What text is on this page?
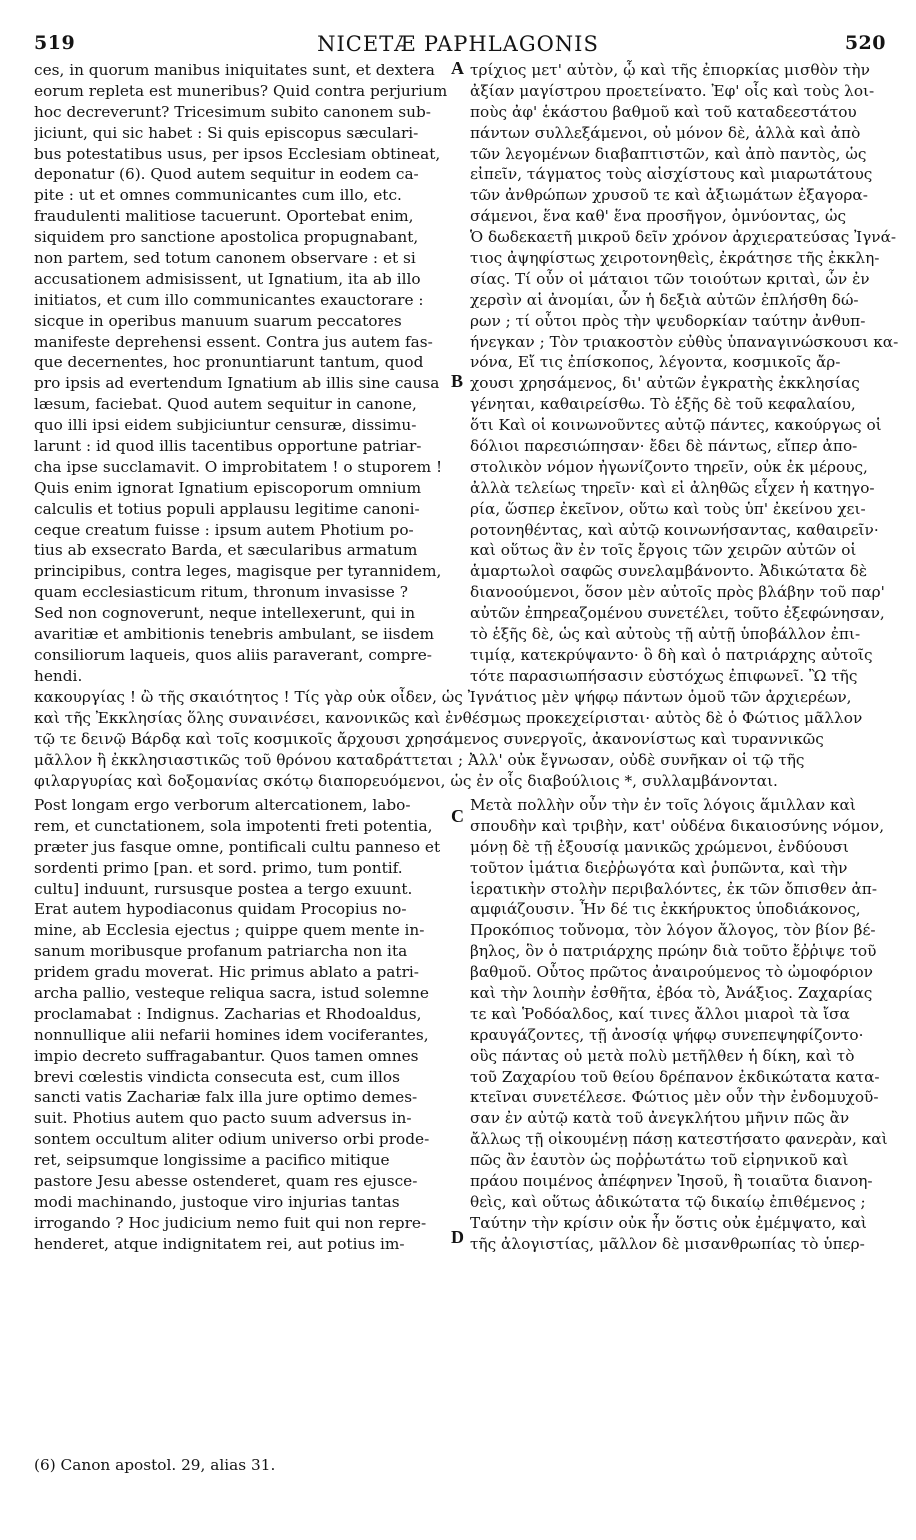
NICETÆ PAPHLAGONIS
519	520
ces, in quorum manibus iniquitates sunt, et dextera
eorum repleta est muneribus? Quid contra perjurium
hoc decreverunt? Tricesimum subito canonem sub-
jiciunt, qui sic habet : Si quis episcopus sæculari-
bus potestatibus usus, per ipsos Ecclesiam obtineat,
deponatur (6). Quod autem sequitur in eodem ca-
pite : ut et omnes communicantes cum illo, etc.
fraudulenti malitiose tacuerunt. Oportebat enim,
siquidem pro sanctione apostolica propugnabant,
non partem, sed totum canonem observare : et si
accusationem admisissent, ut Ignatium, ita ab illo
initiatos, et cum illo communicantes exauctorare :
sicque in operibus manuum suarum peccatores
manifeste deprehensi essent. Contra jus autem fas-
que decernentes, hoc pronuntiarunt tantum, quod
pro ipsis ad evertendum Ignatium ab illis sine causa
læsum, faciebat. Quod autem sequitur in canone,
quo illi ipsi eidem subjiciuntur censuræ, dissimu-
larunt : id quod illis tacentibus opportune patriar-
cha ipse succlamavit. O improbitatem ! o stuporem !
Quis enim ignorat Ignatium episcoporum omnium
calculis et totius populi applausu legitime canoni-
ceque creatum fuisse : ipsum autem Photium po-
tius ab exsecrato Barda, et sæcularibus armatum
principibus, contra leges, magisque per tyrannidem,
quam ecclesiasticum ritum, thronum invasisse ?
Sed non cognoverunt, neque intellexerunt, qui in
avaritiæ et ambitionis tenebris ambulant, se iisdem
consiliorum laqueis, quos aliis paraverant, compre-
hendi.
τρίχιος μετ' αὐτὸν, ᾧ καὶ τῆς ἐπιορκίας μισθὸν τὴν
ἀξίαν μαγίστρου προετείνατο. Ἐφ' οἷς καὶ τοὺς λοι-
ποὺς ἀφ' ἑκάστου βαθμοῦ καὶ τοῦ καταδεεστάτου
πάντων συλλεξάμενοι, οὐ μόνον δὲ, ἀλλὰ καὶ ἀπὸ
τῶν λεγομένων διαβαπτιστῶν, καὶ ἀπὸ παντὸς, ὡς
εἰπεῖν, τάγματος τοὺς αἰσχίστους καὶ μιαρωτάτους
τῶν ἀνθρώπων χρυσοῦ τε καὶ ἀξιωμάτων ἐξαγορα-
σάμενοι, ἕνα καθ' ἕνα προσῆγον, ὀμνύοντας, ὡς
Ὁ δωδεκαετῆ μικροῦ δεῖν χρόνον ἀρχιερατεύσας Ἰγνά-
τιος ἀψηφίστως χειροτονηθεὶς, ἐκράτησε τῆς ἐκκλη-
σίας. Τί οὖν οἱ μάταιοι τῶν τοιούτων κριταὶ, ὧν ἐν
χερσὶν αἱ ἀνομίαι, ὧν ἡ δεξιὰ αὐτῶν ἐπλήσθη δώ-
ρων ; τί οὗτοι πρὸς τὴν ψευδορκίαν ταύτην ἀνθυπ-
ήνεγκαν ; Τὸν τριακοστὸν εὐθὺς ὑπαναγινώσκουσι κα-
νόνα, Εἴ τις ἐπίσκοπος, λέγοντα, κοσμικοῖς ἄρ-
χουσι χρησάμενος, δι' αὐτῶν ἐγκρατὴς ἐκκλησίας
γένηται, καθαιρείσθω. Τὸ ἑξῆς δὲ τοῦ κεφαλαίου,
ὅτι Καὶ οἱ κοινωνοῦντες αὐτῷ πάντες, κακούργως οἱ
δόλιοι παρεσιώπησαν· ἔδει δὲ πάντως, εἴπερ ἀπο-
στολικὸν νόμον ἠγωνίζοντο τηρεῖν, οὐκ ἐκ μέρους,
ἀλλὰ τελείως τηρεῖν· καὶ εἰ ἀληθῶς εἶχεν ἡ κατηγο-
ρία, ὥσπερ ἐκεῖνον, οὕτω καὶ τοὺς ὑπ' ἐκείνου χει-
ροτονηθέντας, καὶ αὐτῷ κοινωνήσαντας, καθαιρεῖν·
καὶ οὕτως ἂν ἐν τοῖς ἔργοις τῶν χειρῶν αὐτῶν οἱ
ἁμαρτωλοὶ σαφῶς συνελαμβάνοντο. Ἀδικώτατα δὲ
διανοούμενοι, ὅσον μὲν αὐτοῖς πρὸς βλάβην τοῦ παρ'
αὐτῶν ἐπηρεαζομένου συνετέλει, τοῦτο ἐξεφώνησαν,
τὸ ἑξῆς δὲ, ὡς καὶ αὐτοὺς τῇ αὐτῇ ὑποβάλλον ἐπι-
τιμίᾳ, κατεκρύψαντο· ὃ δὴ καὶ ὁ πατριάρχης αὐτοῖς
τότε παρασιωπήσασιν εὐστόχως ἐπιφωνεῖ. Ὢ τῆς
A
B
C
D
κακουργίας ! ὢ τῆς σκαιότητος ! Τίς γὰρ οὐκ οἶδεν, ὡς Ἰγνάτιος μὲν ψήφῳ πάντων ὁμοῦ τῶν ἀρχιερέων,
καὶ τῆς Ἐκκλησίας ὅλης συναινέσει, κανονικῶς καὶ ἐνθέσμως προκεχείρισται· αὐτὸς δὲ ὁ Φώτιος μᾶλλον
τῷ τε δεινῷ Βάρδᾳ καὶ τοῖς κοσμικοῖς ἄρχουσι χρησάμενος συνεργοῖς, ἀκανονίστως καὶ τυραννικῶς
μᾶλλον ἢ ἐκκλησιαστικῶς τοῦ θρόνου καταδράττεται ; Ἀλλ' οὐκ ἔγνωσαν, οὐδὲ συνῆκαν οἱ τῷ τῆς
φιλαργυρίας καὶ δοξομανίας σκότῳ διαπορευόμενοι, ὡς ἐν οἷς διαβούλιοις *, συλλαμβάνονται.
Post longam ergo verborum altercationem, labo-
rem, et cunctationem, sola impotenti freti potentia,
præter jus fasque omne, pontificali cultu panneso et
sordenti primo [pan. et sord. primo, tum pontif.
cultu] induunt, rursusque postea a tergo exuunt.
Erat autem hypodiaconus quidam Procopius no-
mine, ab Ecclesia ejectus ; quippe quem mente in-
sanum moribusque profanum patriarcha non ita
pridem gradu moverat. Hic primus ablato a patri-
archa pallio, vesteque reliqua sacra, istud solemne
proclamabat : Indignus. Zacharias et Rhodoaldus,
nonnullique alii nefarii homines idem vociferantes,
impio decreto suffragabantur. Quos tamen omnes
brevi cœlestis vindicta consecuta est, cum illos
sancti vatis Zachariæ falx illa jure optimo demes-
suit. Photius autem quo pacto suum adversus in-
sontem occultum aliter odium universo orbi prode-
ret, seipsumque longissime a pacifico mitique
pastore Jesu abesse ostenderet, quam res ejusce-
modi machinando, justoque viro injurias tantas
irrogando ? Hoc judicium nemo fuit qui non repre-
henderet, atque indignitatem rei, aut potius im-
Μετὰ πολλὴν οὖν τὴν ἐν τοῖς λόγοις ἅμιλλαν καὶ
σπουδὴν καὶ τριβὴν, κατ' οὐδένα δικαιοσύνης νόμον,
μόνῃ δὲ τῇ ἐξουσίᾳ μανικῶς χρώμενοι, ἐνδύουσι
τοῦτον ἱμάτια διεῤῥωγότα καὶ ῥυπῶντα, καὶ τὴν
ἱερατικὴν στολὴν περιβαλόντες, ἐκ τῶν ὄπισθεν ἀπ-
αμφιάζουσιν. Ἦν δέ τις ἐκκήρυκτος ὑποδιάκονος,
Προκόπιος τοὔνομα, τὸν λόγον ἄλογος, τὸν βίον βέ-
βηλος, ὃν ὁ πατριάρχης πρώην διὰ τοῦτο ἔῤῥιψε τοῦ
βαθμοῦ. Οὗτος πρῶτος ἀναιρούμενος τὸ ὠμοφόριον
καὶ τὴν λοιπὴν ἐσθῆτα, ἐβόα τὸ, Ἀνάξιος. Ζαχαρίας
τε καὶ Ῥοδόαλδος, καί τινες ἄλλοι μιαροὶ τὰ ἴσα
κραυγάζοντες, τῇ ἀνοσίᾳ ψήφῳ συνεπεψηφίζοντο·
οὓς πάντας οὐ μετὰ πολὺ μετῆλθεν ἡ δίκη, καὶ τὸ
τοῦ Ζαχαρίου τοῦ θείου δρέπανον ἐκδικώτατα κατα-
κτεῖναι συνετέλεσε. Φώτιος μὲν οὖν τὴν ἐνδομυχοῦ-
σαν ἐν αὐτῷ κατὰ τοῦ ἀνεγκλήτου μῆνιν πῶς ἂν
ἄλλως τῇ οἰκουμένῃ πάσῃ κατεστήσατο φανερὰν, καὶ
πῶς ἂν ἑαυτὸν ὡς ποῤῥωτάτω τοῦ εἰρηνικοῦ καὶ
πράου ποιμένος ἀπέφηνεν Ἰησοῦ, ἢ τοιαῦτα διανοη-
θεὶς, καὶ οὕτως ἀδικώτατα τῷ δικαίῳ ἐπιθέμενος ;
Ταύτην τὴν κρίσιν οὐκ ἦν ὅστις οὐκ ἐμέμψατο, καὶ
τῆς ἀλογιστίας, μᾶλλον δὲ μισανθρωπίας τὸ ὑπερ-
(6) Canon apostol. 29, alias 31.
